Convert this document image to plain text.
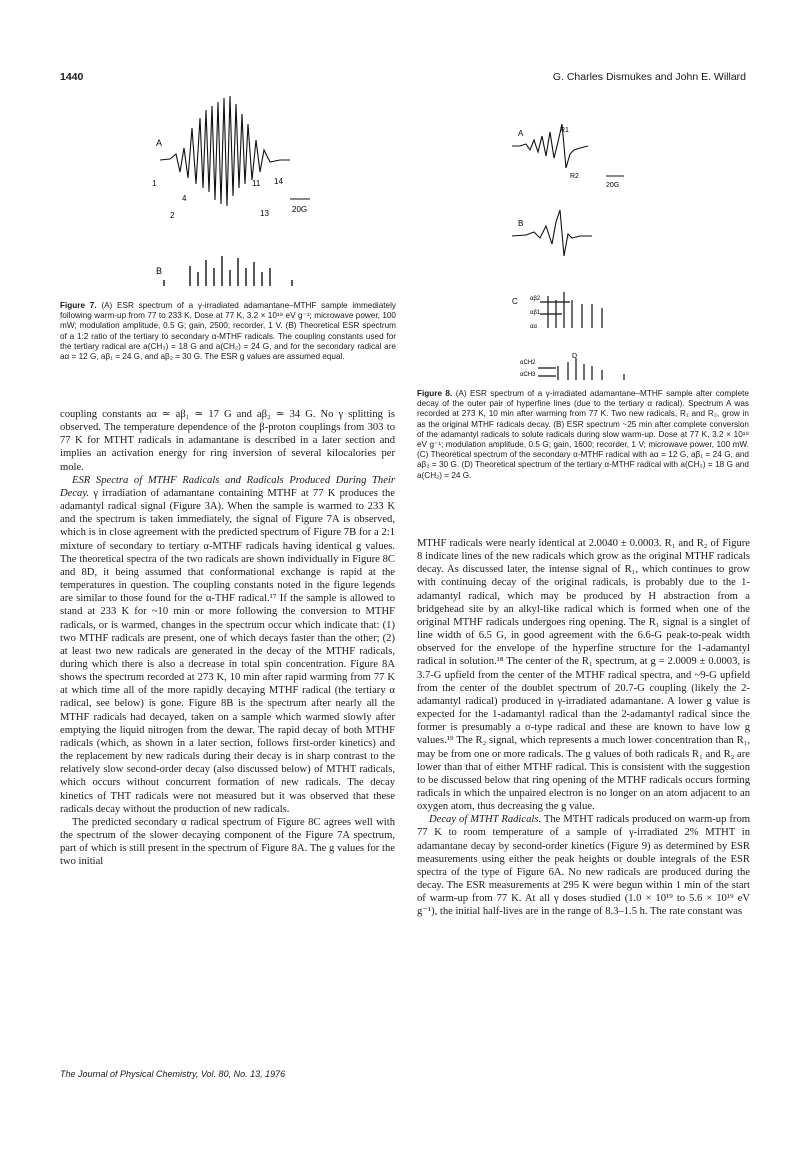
1440	G. Charles Dismukes and John E. Willard
A
1
2
4
11 14
13	20G
B
Figure 7. (A) ESR spectrum of a γ-irradiated adamantane–MTHF sample immediately following warm-up from 77 to 233 K. Dose at 77 K, 3.2 × 10¹⁹ eV g⁻¹; microwave power, 100 mW; modulation amplitude, 0.5 G; gain, 2500; recorder, 1 V. (B) Theoretical ESR spectrum of a 1:2 ratio of the tertiary to secondary α-MTHF radicals. The coupling constants used for the tertiary radical are a(CH₃) = 18 G and a(CH₂) = 24 G, and for the secondary radical are aα = 12 G, aβ₁ = 24 G, and aβ₂ = 30 G. The ESR g values are assumed equal.
A	R1
R2
20G
B
C αβ2
αβ1
αα
D
αCH2
αCH3
Figure 8. (A) ESR spectrum of a γ-irradiated adamantane–MTHF sample after complete decay of the outer pair of hyperfine lines (due to the tertiary α radical). Spectrum A was recorded at 273 K, 10 min after warming from 77 K. Two new radicals, R₁ and R₂, grow in as the original MTHF radicals decay. (B) ESR spectrum ~25 min after complete conversion of the adamantyl radicals to solute radicals during slow warm-up. Dose at 77 K, 3.2 × 10¹⁹ eV g⁻¹; modulation amplitude, 0.5 G; gain, 1600; recorder, 1 V; microwave power, 100 mW. (C) Theoretical spectrum of the secondary α-MTHF radical with aα = 12 G, aβ₁ = 24 G, and aβ₂ = 30 G. (D) Theoretical spectrum of the tertiary α-MTHF radical with a(CH₃) = 18 G and a(CH₂) = 24 G.

coupling constants aα ≃ aβ₁ ≃ 17 G and aβ₂ ≃ 34 G. No γ splitting is observed. The temperature dependence of the β-proton couplings from 303 to 77 K for MTHT radicals in adamantane is described in a later section and implies an activation energy for ring inversion of several kilocalories per mole.

ESR Spectra of MTHF Radicals and Radicals Produced During Their Decay. γ irradiation of adamantane containing MTHF at 77 K produces the adamantyl radical signal (Figure 3A). When the sample is warmed to 233 K and the spectrum is taken immediately, the signal of Figure 7A is observed, which is in close agreement with the predicted spectrum of Figure 7B for a 2:1 mixture of secondary to tertiary α-MTHF radicals having identical g values. The theoretical spectra of the two radicals are shown individually in Figure 8C and 8D, it being assumed that conformational exchange is rapid at the temperatures in question. The coupling constants noted in the figure legends are similar to those found for the α-THF radical.¹⁷ If the sample is allowed to stand at 233 K for ~10 min or more following the conversion to MTHF radicals, or is warmed, changes in the spectrum occur which indicate that: (1) two MTHF radicals are present, one of which decays faster than the other; (2) at least two new radicals are generated in the decay of the MTHF radicals, during which there is also a decrease in total spin concentration. Figure 8A shows the spectrum recorded at 273 K, 10 min after rapid warming from 77 K at which time all of the more rapidly decaying MTHF radical (the tertiary α radical, see below) is gone. Figure 8B is the spectrum after nearly all the MTHF radicals had decayed, taken on a sample which warmed slowly after emptying the liquid nitrogen from the dewar. The rapid decay of both MTHF radicals (which, as shown in a later section, follows first-order kinetics) and the replacement by new radicals during their decay is in sharp contrast to the relatively slow second-order decay (also discussed below) of MTHT radicals, which occurs without concurrent formation of new radicals. The decay kinetics of THT radicals were not measured but it was observed that these radicals decay without the production of new radicals.

The predicted secondary α radical spectrum of Figure 8C agrees well with the spectrum of the slower decaying component of the Figure 7A spectrum, part of which is still present in the spectrum of Figure 8A. The g values for the two initial

MTHF radicals were nearly identical at 2.0040 ± 0.0003. R₁ and R₂ of Figure 8 indicate lines of the new radicals which grow as the original MTHF radicals decay. As discussed later, the intense signal of R₁, which continues to grow with continuing decay of the original radicals, is probably due to the 1-adamantyl radical, which may be produced by H abstraction from a bridgehead site by an alkyl-like radical which is formed when one of the original MTHF radicals undergoes ring opening. The R₁ signal is a singlet of line width of 6.5 G, in good agreement with the 6.6-G peak-to-peak width observed for the envelope of the hyperfine structure for the 1-adamantyl radical in solution.¹⁸ The center of the R₁ spectrum, at g = 2.0009 ± 0.0003, is 3.7-G upfield from the center of the MTHF radical spectra, and ~9-G upfield from the center of the doublet spectrum of 20.7-G coupling (likely the 2-adamantyl radical) produced in γ-irradiated adamantane. A lower g value is expected for the 1-adamantyl radical than the 2-adamantyl radical since the former is presumably a σ-type radical and these are known to have low g values.¹⁹ The R₂ signal, which represents a much lower concentration than R₁, may be from one or more radicals. The g values of both radicals R₁ and R₂ are lower than that of either MTHF radical. This is consistent with the suggestion to be discussed below that ring opening of the MTHF radicals occurs forming radicals in which the unpaired electron is no longer on an atom adjacent to an oxygen atom, thus decreasing the g value.

Decay of MTHT Radicals. The MTHT radicals produced on warm-up from 77 K to room temperature of a sample of γ-irradiated 2% MTHT in adamantane decay by second-order kinetics (Figure 9) as determined by ESR measurements using either the peak heights or double integrals of the ESR spectra of the type of Figure 6A. No new radicals are produced during the decay. The ESR measurements at 295 K were begun within 1 min of the start of warm-up from 77 K. At all γ doses studied (1.0 × 10¹⁹ to 5.6 × 10¹⁹ eV g⁻¹), the initial half-lives are in the range of 8.3–1.5 h. The rate constant was

The Journal of Physical Chemistry, Vol. 80, No. 13, 1976
